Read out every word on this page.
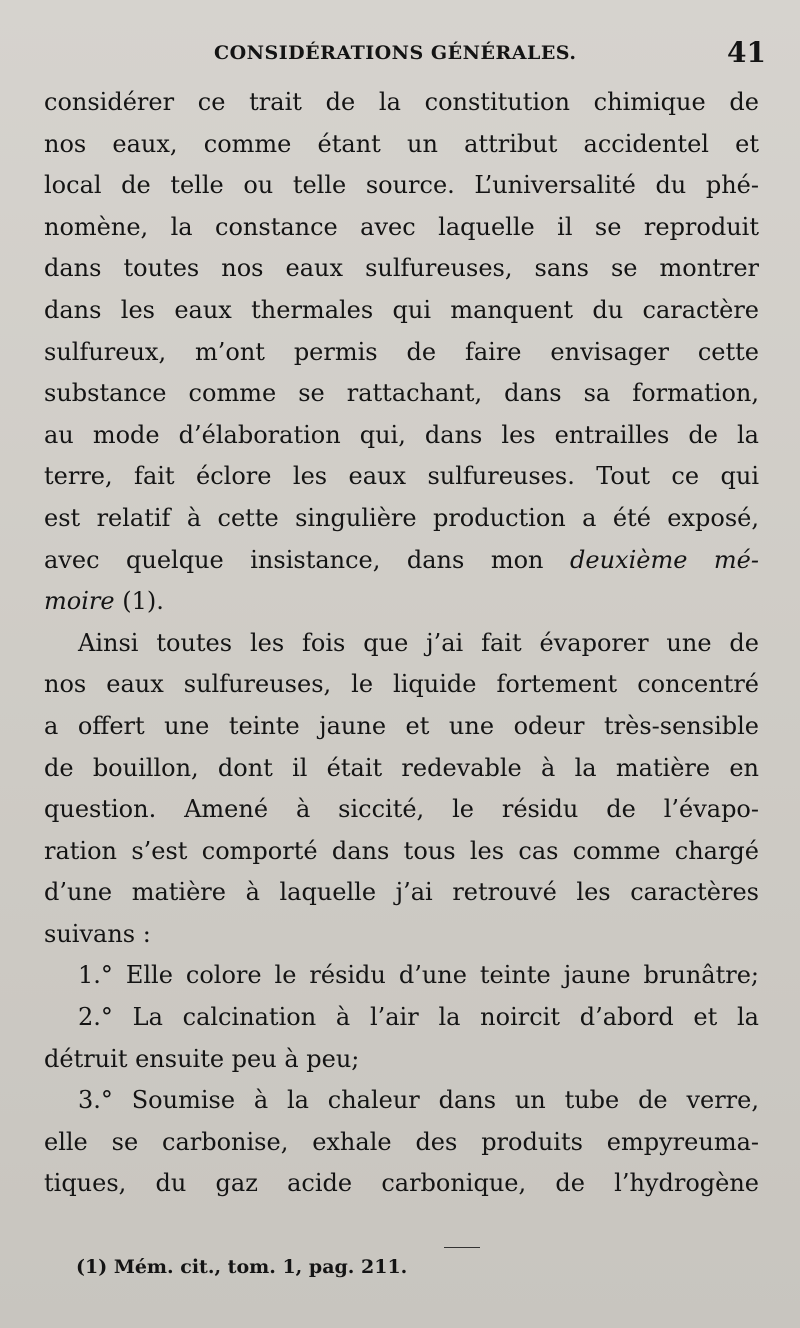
CONSIDÉRATIONS GÉNÉRALES.	41
considérer ce trait de la constitution chimique de
nos eaux, comme étant un attribut accidentel et
local de telle ou telle source. L’universalité du phé-
nomène, la constance avec laquelle il se reproduit
dans toutes nos eaux sulfureuses, sans se montrer
dans les eaux thermales qui manquent du caractère
sulfureux, m’ont permis de faire envisager cette
substance comme se rattachant, dans sa formation,
au mode d’élaboration qui, dans les entrailles de la
terre, fait éclore les eaux sulfureuses. Tout ce qui
est relatif à cette singulière production a été exposé,
avec quelque insistance, dans mon deuxième mé-
moire (1).
Ainsi toutes les fois que j’ai fait évaporer une de
nos eaux sulfureuses, le liquide fortement concentré
a offert une teinte jaune et une odeur très-sensible
de bouillon, dont il était redevable à la matière en
question. Amené à siccité, le résidu de l’évapo-
ration s’est comporté dans tous les cas comme chargé
d’une matière à laquelle j’ai retrouvé les caractères
suivans :
1.° Elle colore le résidu d’une teinte jaune brunâtre;
2.° La calcination à l’air la noircit d’abord et la
détruit ensuite peu à peu;
3.° Soumise à la chaleur dans un tube de verre,
elle se carbonise, exhale des produits empyreuma-
tiques, du gaz acide carbonique, de l’hydrogène
(1) Mém. cit., tom. 1, pag. 211.
